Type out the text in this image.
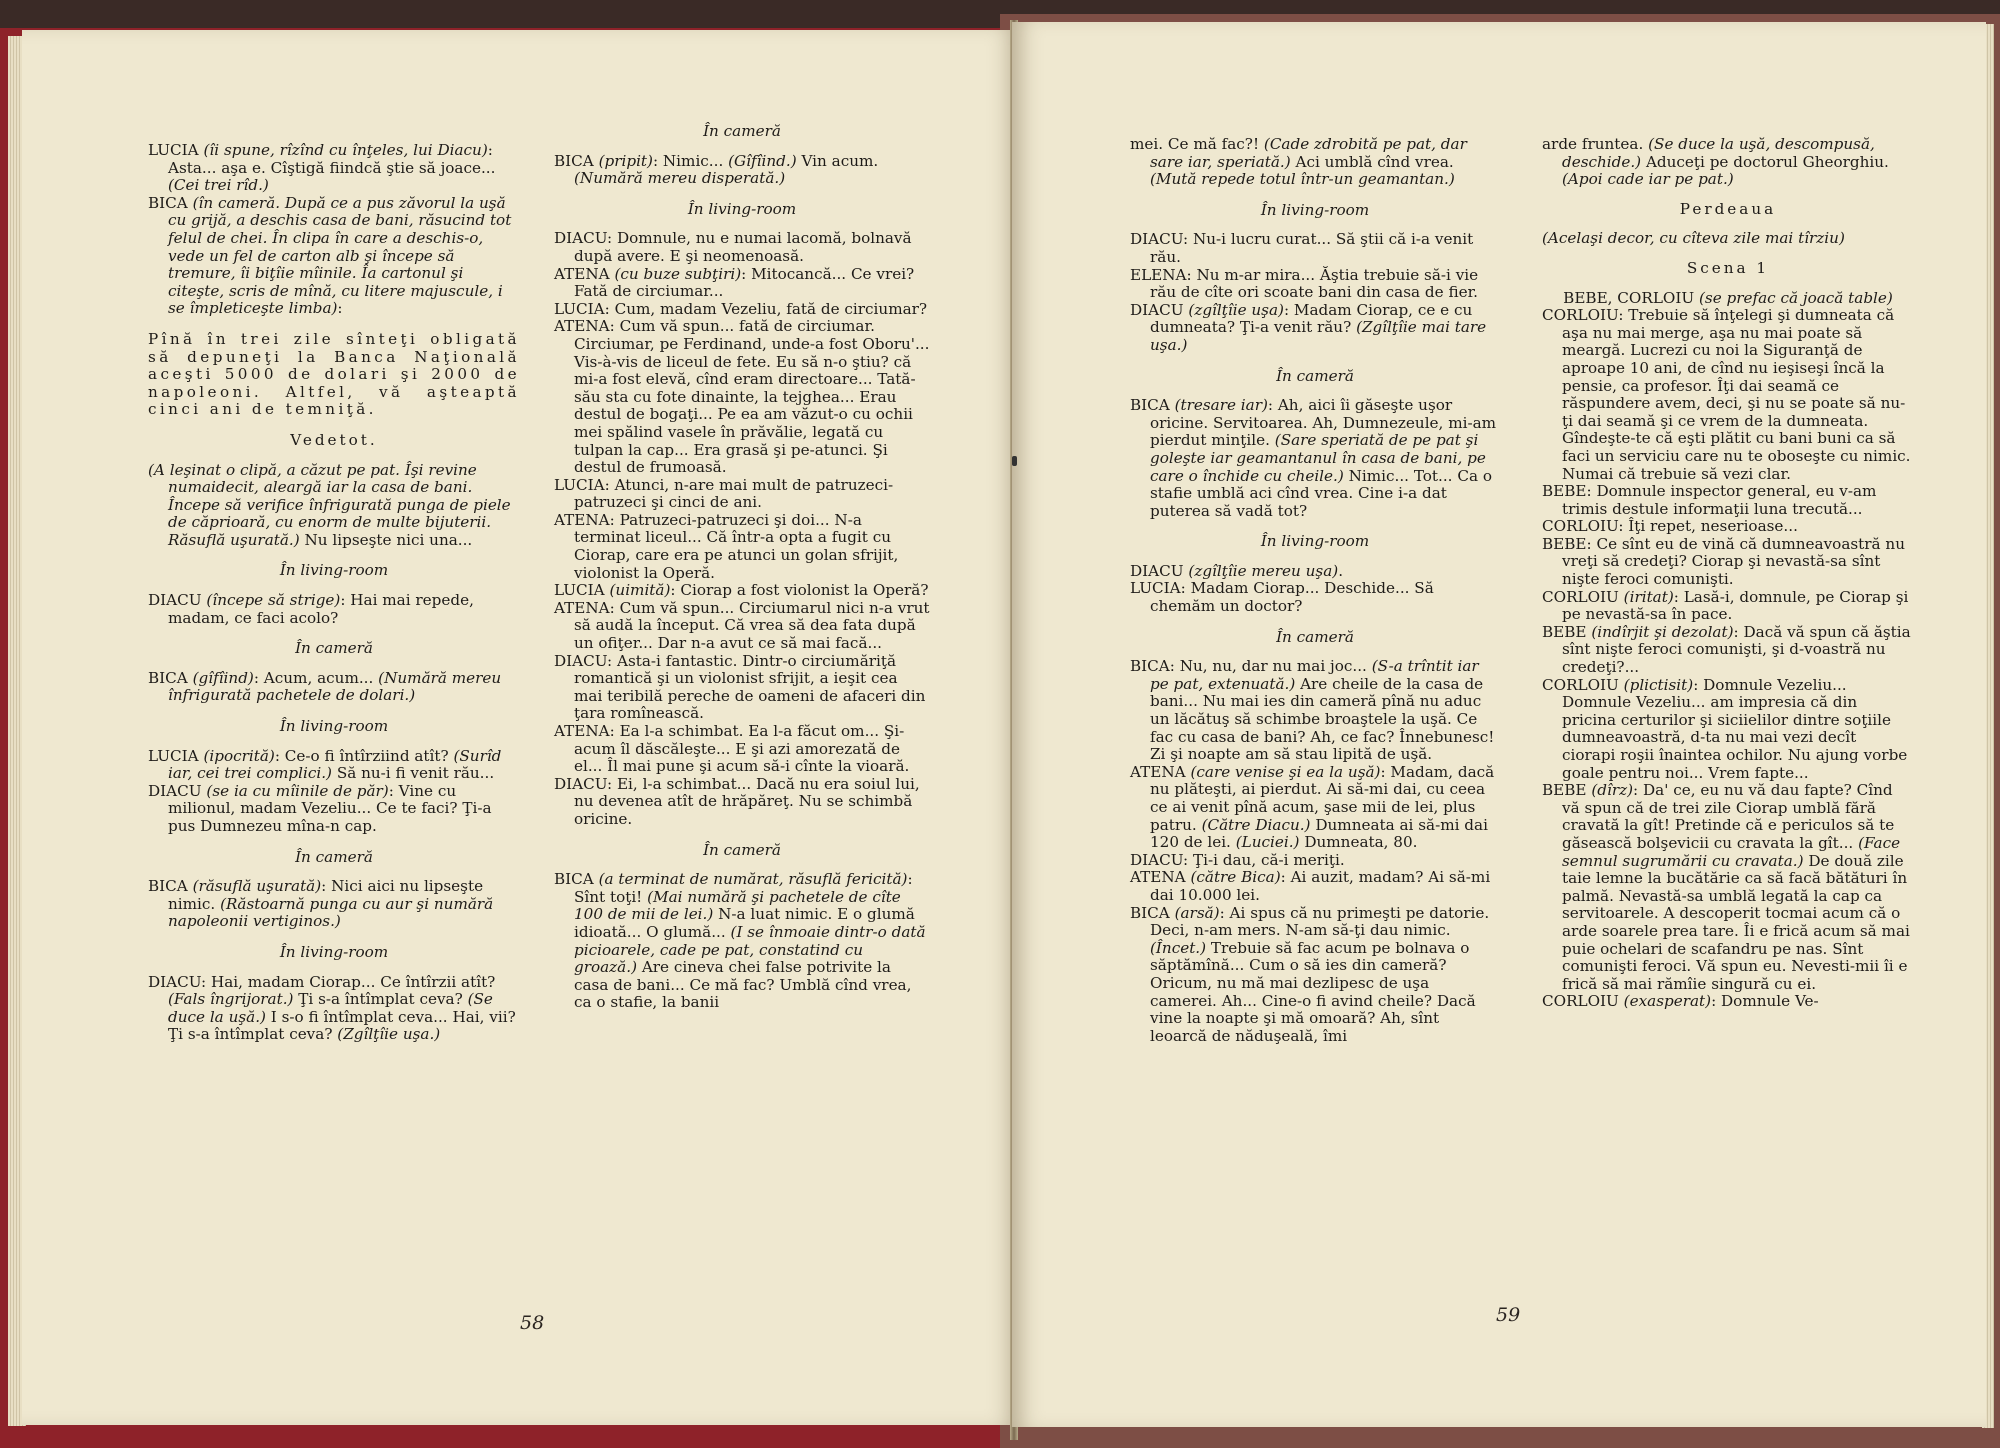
LUCIA (îi spune, rîzînd cu înţeles, lui Diacu): Asta... aşa e. Cîştigă fiindcă ştie să joace... (Cei trei rîd.)

BICA (în cameră. După ce a pus zăvorul la uşă cu grijă, a deschis casa de bani, răsucind tot felul de chei. În clipa în care a deschis-o, vede un fel de carton alb şi începe să tremure, îi biţîie mîinile. Îa cartonul şi citeşte, scris de mînă, cu litere majuscule, i se împleticeşte limba):

Pînă în trei zile sînteţi obligată să depuneţi la Banca Naţională aceşti 5000 de dolari şi 2000 de napoleoni. Altfel, vă aşteaptă cinci ani de temniţă.

Vedetot.

(A leşinat o clipă, a căzut pe pat. Îşi revine numaidecit, aleargă iar la casa de bani. Începe să verifice înfrigurată punga de piele de căprioară, cu enorm de multe bijuterii. Răsuflă uşurată.) Nu lipseşte nici una...

În living-room

DIACU (începe să strige): Hai mai repede, madam, ce faci acolo?

În cameră

BICA (gîfîind): Acum, acum... (Numără mereu înfrigurată pachetele de dolari.)

În living-room

LUCIA (ipocrită): Ce-o fi întîrziind atît? (Surîd iar, cei trei complici.) Să nu-i fi venit rău...

DIACU (se ia cu mîinile de păr): Vine cu milionul, madam Vezeliu... Ce te faci? Ţi-a pus Dumnezeu mîna-n cap.

În cameră

BICA (răsuflă uşurată): Nici aici nu lipseşte nimic. (Răstoarnă punga cu aur şi numără napoleonii vertiginos.)

În living-room

DIACU: Hai, madam Ciorap... Ce întîrzii atît? (Fals îngrijorat.) Ţi s-a întîmplat ceva? (Se duce la uşă.) I s-o fi întîmplat ceva... Hai, vii? Ţi s-a întîmplat ceva? (Zgîlţîie uşa.)

În cameră

BICA (pripit): Nimic... (Gîfîind.) Vin acum. (Numără mereu disperată.)

În living-room

DIACU: Domnule, nu e numai lacomă, bolnavă după avere. E şi neomenoasă.

ATENA (cu buze subţiri): Mitocancă... Ce vrei? Fată de circiumar...

LUCIA: Cum, madam Vezeliu, fată de circiumar?

ATENA: Cum vă spun... fată de circiumar. Circiumar, pe Ferdinand, unde-a fost Oboru'... Vis-à-vis de liceul de fete. Eu să n-o ştiu? că mi-a fost elevă, cînd eram directoare... Tată-său sta cu fote dinainte, la tejghea... Erau destul de bogaţi... Pe ea am văzut-o cu ochii mei spălind vasele în prăvălie, legată cu tulpan la cap... Era grasă şi pe-atunci. Şi destul de frumoasă.

LUCIA: Atunci, n-are mai mult de patruzeci-patruzeci şi cinci de ani.

ATENA: Patruzeci-patruzeci şi doi... N-a terminat liceul... Că într-a opta a fugit cu Ciorap, care era pe atunci un golan sfrijit, violonist la Operă.

LUCIA (uimită): Ciorap a fost violonist la Operă?

ATENA: Cum vă spun... Circiumarul nici n-a vrut să audă la început. Că vrea să dea fata după un ofiţer... Dar n-a avut ce să mai facă...

DIACU: Asta-i fantastic. Dintr-o circiumăriţă romantică şi un violonist sfrijit, a ieşit cea mai teribilă pereche de oameni de afaceri din ţara romînească.

ATENA: Ea l-a schimbat. Ea l-a făcut om... Şi-acum îl dăscăleşte... E şi azi amorezată de el... Îl mai pune şi acum să-i cînte la vioară.

DIACU: Ei, l-a schimbat... Dacă nu era soiul lui, nu devenea atît de hrăpăreţ. Nu se schimbă oricine.

În cameră

BICA (a terminat de numărat, răsuflă fericită): Sînt toţi! (Mai numără şi pachetele de cîte 100 de mii de lei.) N-a luat nimic. E o glumă idioată... O glumă... (I se înmoaie dintr-o dată picioarele, cade pe pat, constatind cu groază.) Are cineva chei false potrivite la casa de bani... Ce mă fac? Umblă cînd vrea, ca o stafie, la banii

58

mei. Ce mă fac?! (Cade zdrobită pe pat, dar sare iar, speriată.) Aci umblă cînd vrea. (Mută repede totul într-un geamantan.)

În living-room

DIACU: Nu-i lucru curat... Să ştii că i-a venit rău.

ELENA: Nu m-ar mira... Ăştia trebuie să-i vie rău de cîte ori scoate bani din casa de fier.

DIACU (zgîlţîie uşa): Madam Ciorap, ce e cu dumneata? Ţi-a venit rău? (Zgîlţîie mai tare uşa.)

În cameră

BICA (tresare iar): Ah, aici îi găseşte uşor oricine. Servitoarea. Ah, Dumnezeule, mi-am pierdut minţile. (Sare speriată de pe pat şi goleşte iar geamantanul în casa de bani, pe care o închide cu cheile.) Nimic... Tot... Ca o stafie umblă aci cînd vrea. Cine i-a dat puterea să vadă tot?

În living-room

DIACU (zgîlţîie mereu uşa).

LUCIA: Madam Ciorap... Deschide... Să chemăm un doctor?

În cameră

BICA: Nu, nu, dar nu mai joc... (S-a trîntit iar pe pat, extenuată.) Are cheile de la casa de bani... Nu mai ies din cameră pînă nu aduc un lăcătuş să schimbe broaştele la uşă. Ce fac cu casa de bani? Ah, ce fac? Înnebunesc! Zi şi noapte am să stau lipită de uşă.

ATENA (care venise şi ea la uşă): Madam, dacă nu plăteşti, ai pierdut. Ai să-mi dai, cu ceea ce ai venit pînă acum, şase mii de lei, plus patru. (Către Diacu.) Dumneata ai să-mi dai 120 de lei. (Luciei.) Dumneata, 80.

DIACU: Ţi-i dau, că-i meriţi.

ATENA (către Bica): Ai auzit, madam? Ai să-mi dai 10.000 lei.

BICA (arsă): Ai spus că nu primeşti pe datorie. Deci, n-am mers. N-am să-ţi dau nimic. (Încet.) Trebuie să fac acum pe bolnava o săptămînă... Cum o să ies din cameră? Oricum, nu mă mai dezlipesc de uşa camerei. Ah... Cine-o fi avind cheile? Dacă vine la noapte şi mă omoară? Ah, sînt leoarcă de năduşeală, îmi

arde fruntea. (Se duce la uşă, descompusă, deschide.) Aduceţi pe doctorul Gheorghiu. (Apoi cade iar pe pat.)

Perdeaua

(Acelaşi decor, cu cîteva zile mai tîrziu)

Scena 1

BEBE, CORLOIU (se prefac că joacă table)

CORLOIU: Trebuie să înţelegi şi dumneata că aşa nu mai merge, aşa nu mai poate să meargă. Lucrezi cu noi la Siguranţă de aproape 10 ani, de cînd nu ieşiseşi încă la pensie, ca profesor. Îţi dai seamă ce răspundere avem, deci, şi nu se poate să nu-ţi dai seamă şi ce vrem de la dumneata. Gîndeşte-te că eşti plătit cu bani buni ca să faci un serviciu care nu te oboseşte cu nimic. Numai că trebuie să vezi clar.

BEBE: Domnule inspector general, eu v-am trimis destule informaţii luna trecută...

CORLOIU: Îţi repet, neserioase...

BEBE: Ce sînt eu de vină că dumneavoastră nu vreţi să credeţi? Ciorap şi nevastă-sa sînt nişte feroci comunişti.

CORLOIU (iritat): Lasă-i, domnule, pe Ciorap şi pe nevastă-sa în pace.

BEBE (indîrjit şi dezolat): Dacă vă spun că ăştia sînt nişte feroci comunişti, şi d-voastră nu credeţi?...

CORLOIU (plictisit): Domnule Vezeliu... Domnule Vezeliu... am impresia că din pricina certurilor şi siciielilor dintre soţiile dumneavoastră, d-ta nu mai vezi decît ciorapi roşii înaintea ochilor. Nu ajung vorbe goale pentru noi... Vrem fapte...

BEBE (dîrz): Da' ce, eu nu vă dau fapte? Cînd vă spun că de trei zile Ciorap umblă fără cravată la gît! Pretinde că e periculos să te găsească bolşevicii cu cravata la gît... (Face semnul sugrumării cu cravata.) De două zile taie lemne la bucătărie ca să facă bătături în palmă. Nevastă-sa umblă legată la cap ca servitoarele. A descoperit tocmai acum că o arde soarele prea tare. Îi e frică acum să mai puie ochelari de scafandru pe nas. Sînt comunişti feroci. Vă spun eu. Nevesti-mii îi e frică să mai rămîie singură cu ei.

CORLOIU (exasperat): Domnule Ve-

59
